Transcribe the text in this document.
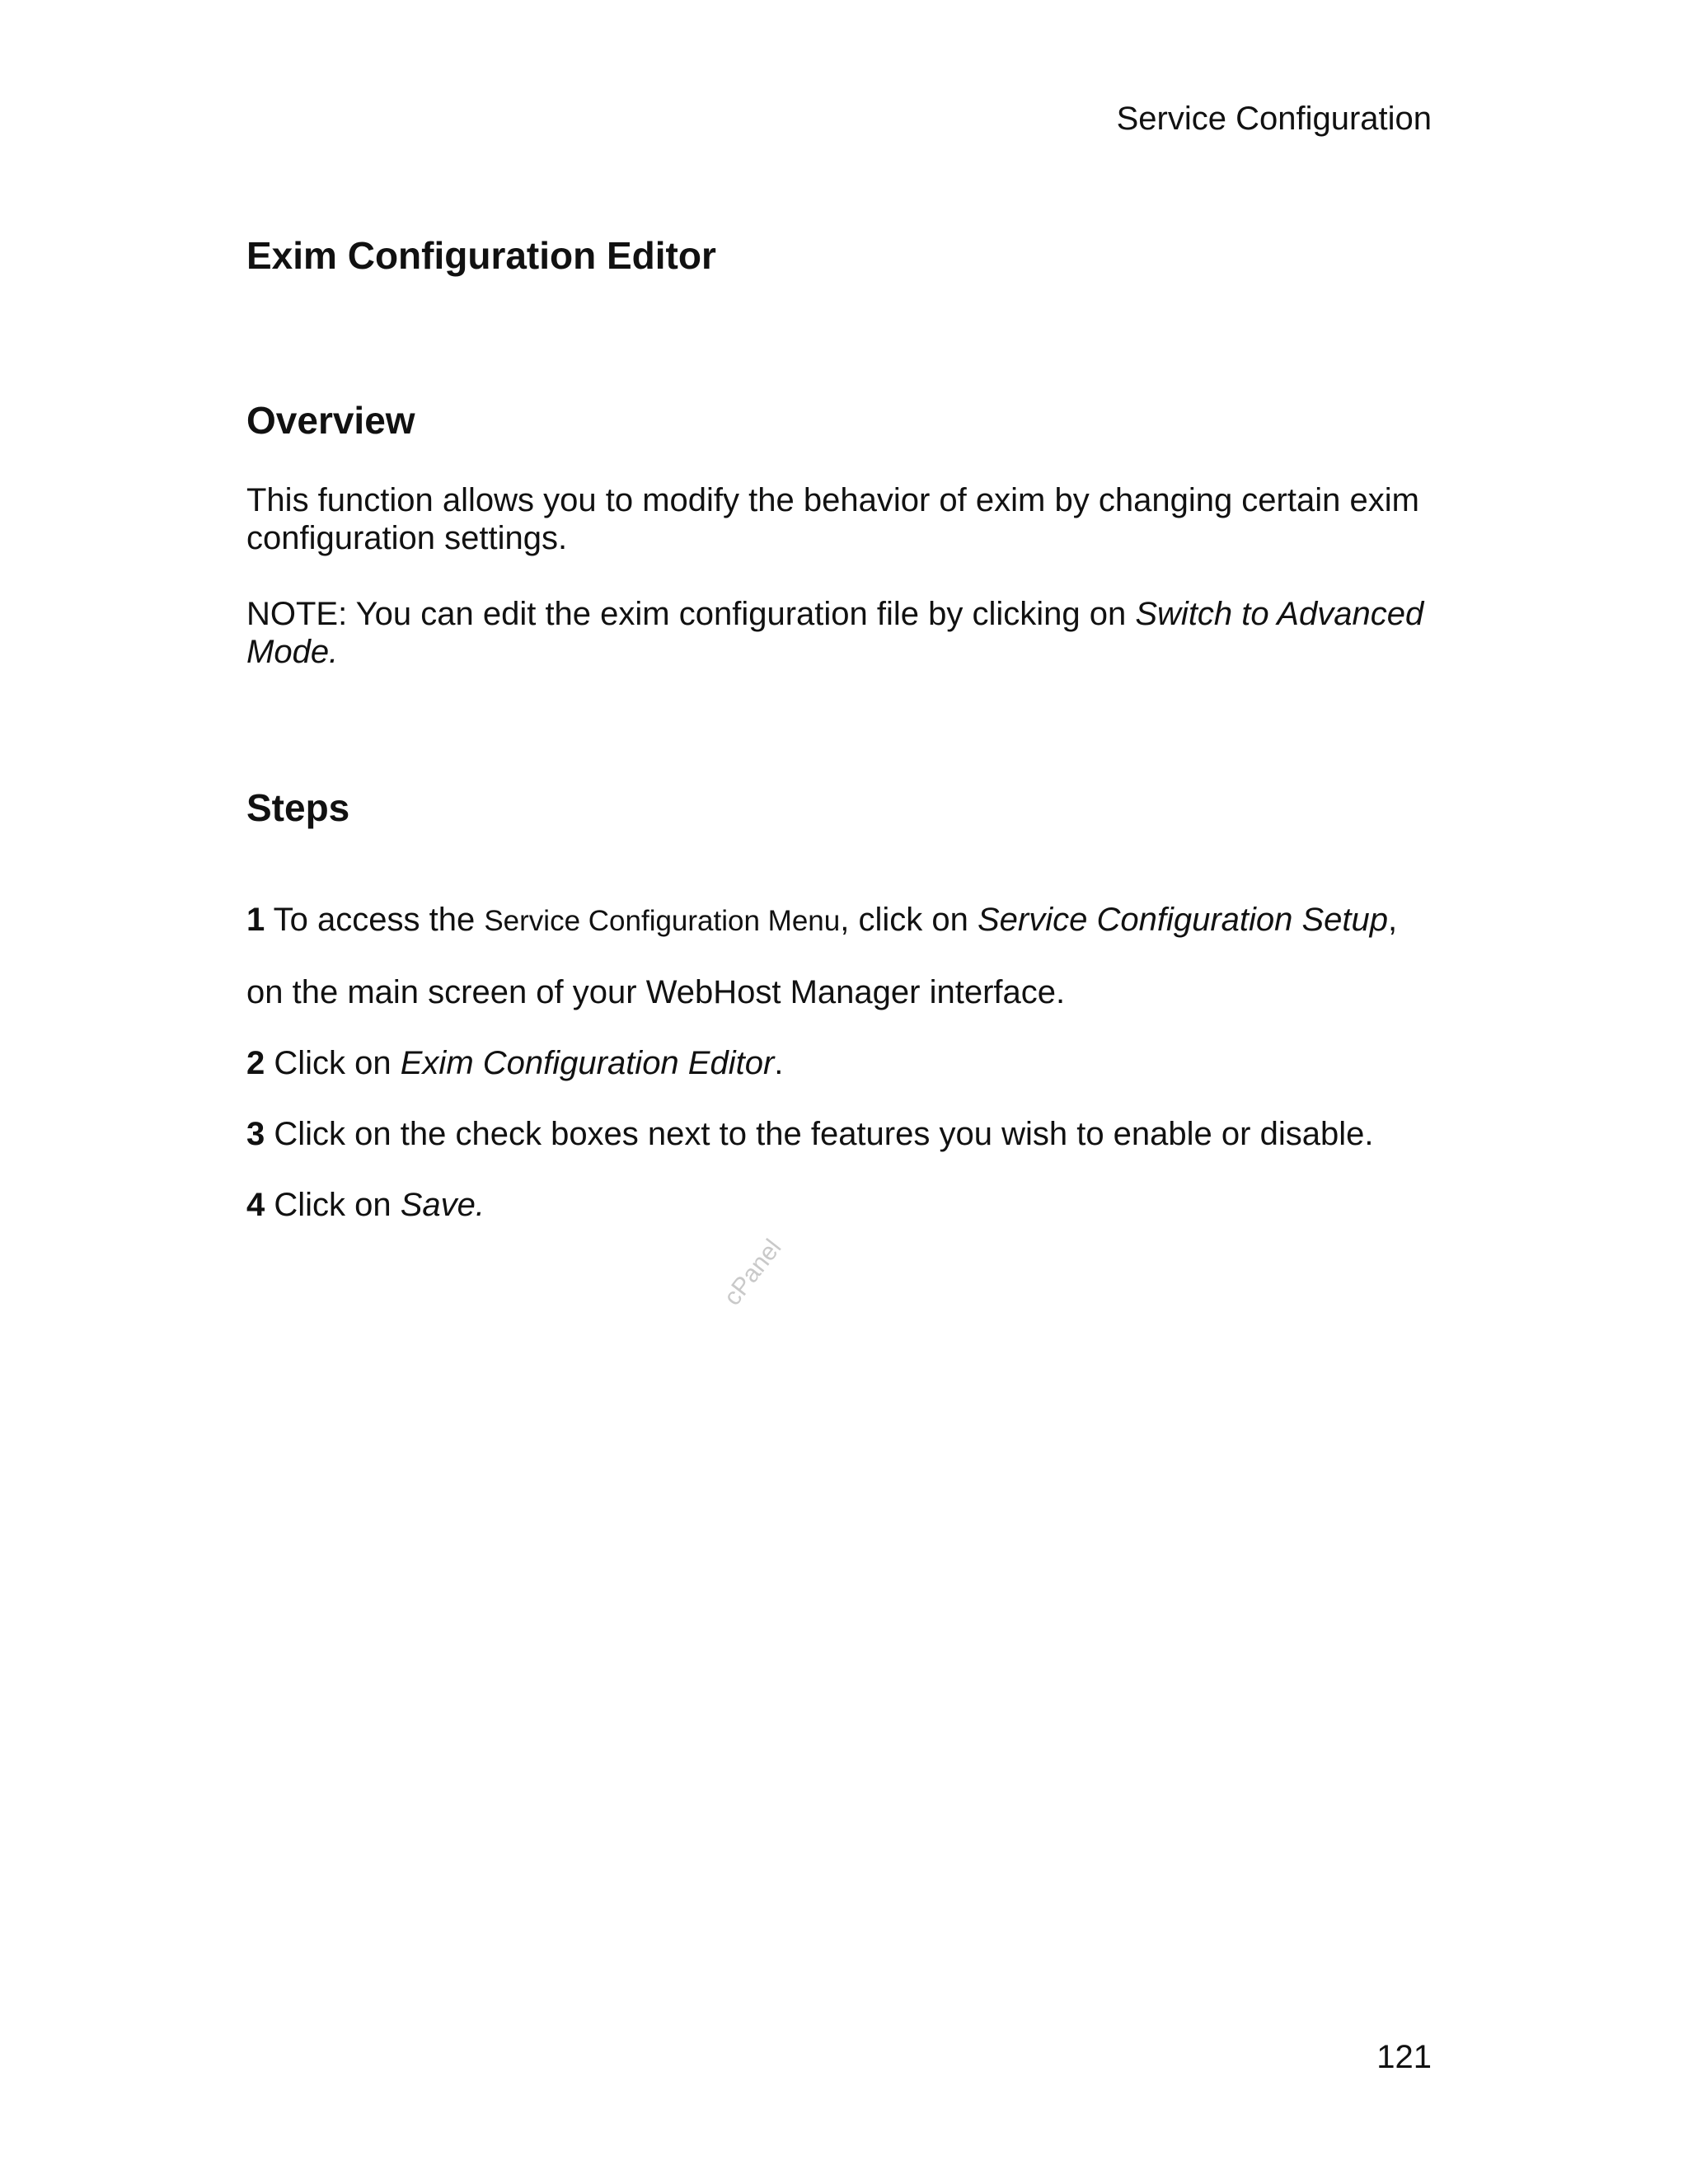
Service Configuration
Exim Configuration Editor
Overview

This function allows you to modify the behavior of exim by changing certain exim configuration settings.

NOTE: You can edit the exim configuration file by clicking on Switch to Advanced Mode.

Steps

1 To access the Service Configuration Menu, click on Service Configuration Setup,

on the main screen of your WebHost Manager interface.

2 Click on Exim Configuration Editor.

3 Click on the check boxes next to the features you wish to enable or disable.

4 Click on Save.

cPanel
121
